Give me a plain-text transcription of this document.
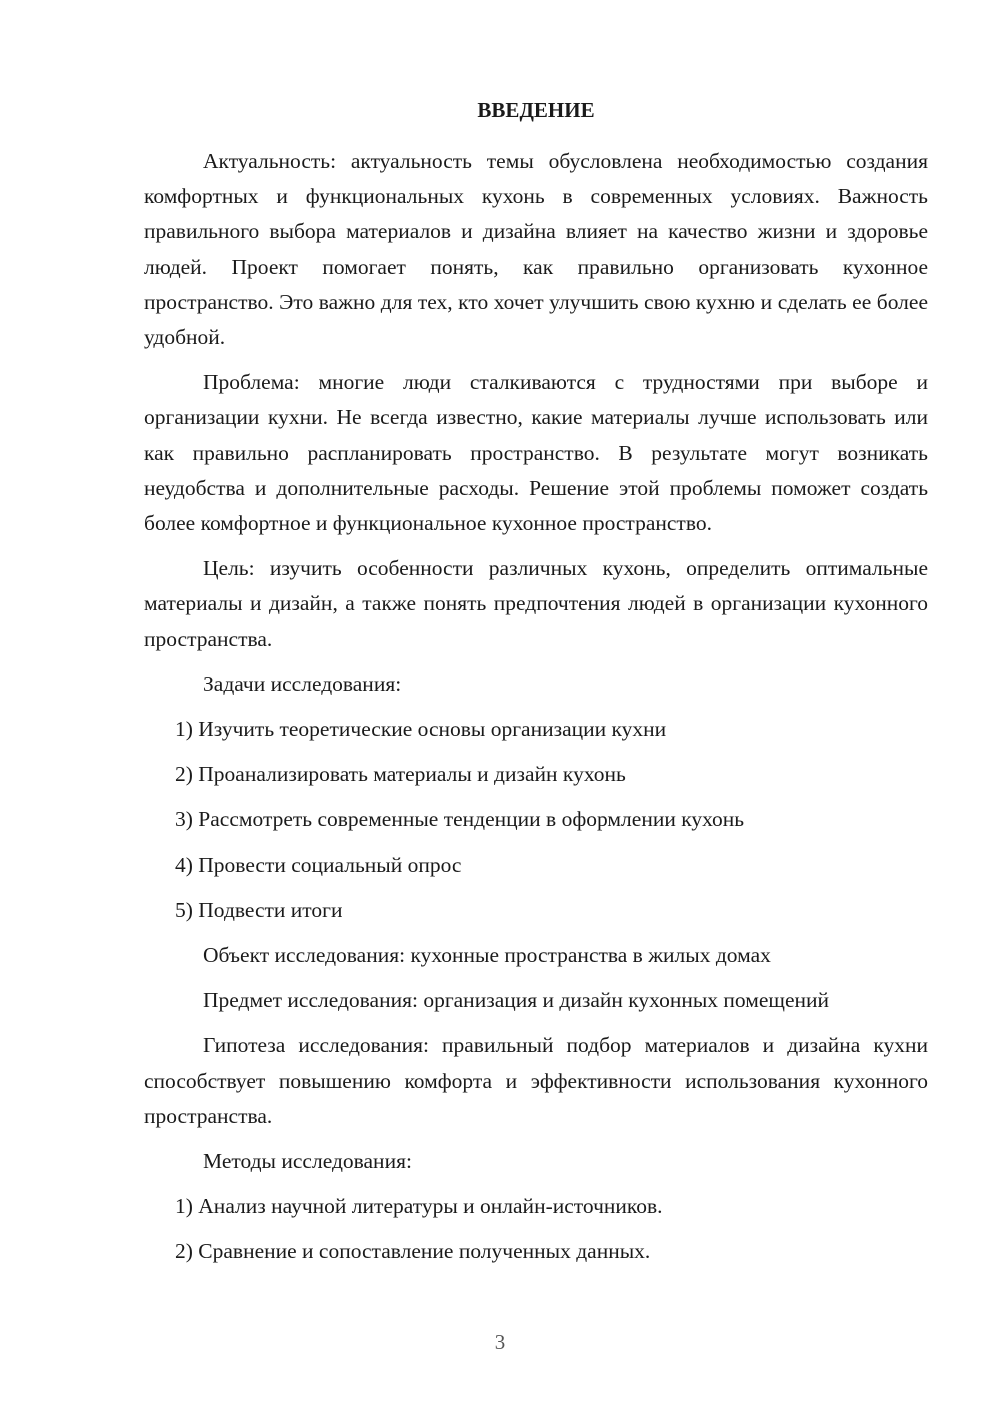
ВВЕДЕНИЕ

Актуальность: актуальность темы обусловлена необходимостью создания комфортных и функциональных кухонь в современных условиях. Важность правильного выбора материалов и дизайна влияет на качество жизни и здоровье людей. Проект помогает понять, как правильно организовать кухонное пространство. Это важно для тех, кто хочет улучшить свою кухню и сделать ее более удобной.

Проблема: многие люди сталкиваются с трудностями при выборе и организации кухни. Не всегда известно, какие материалы лучше использовать или как правильно распланировать пространство. В результате могут возникать неудобства и дополнительные расходы. Решение этой проблемы поможет создать более комфортное и функциональное кухонное пространство.

Цель: изучить особенности различных кухонь, определить оптимальные материалы и дизайн, а также понять предпочтения людей в организации кухонного пространства.

Задачи исследования:

1) Изучить теоретические основы организации кухни

2) Проанализировать материалы и дизайн кухонь

3) Рассмотреть современные тенденции в оформлении кухонь

4) Провести социальный опрос

5) Подвести итоги

Объект исследования: кухонные пространства в жилых домах

Предмет исследования: организация и дизайн кухонных помещений

Гипотеза исследования: правильный подбор материалов и дизайна кухни способствует повышению комфорта и эффективности использования кухонного пространства.

Методы исследования:

1) Анализ научной литературы и онлайн-источников.

2) Сравнение и сопоставление полученных данных.

3
